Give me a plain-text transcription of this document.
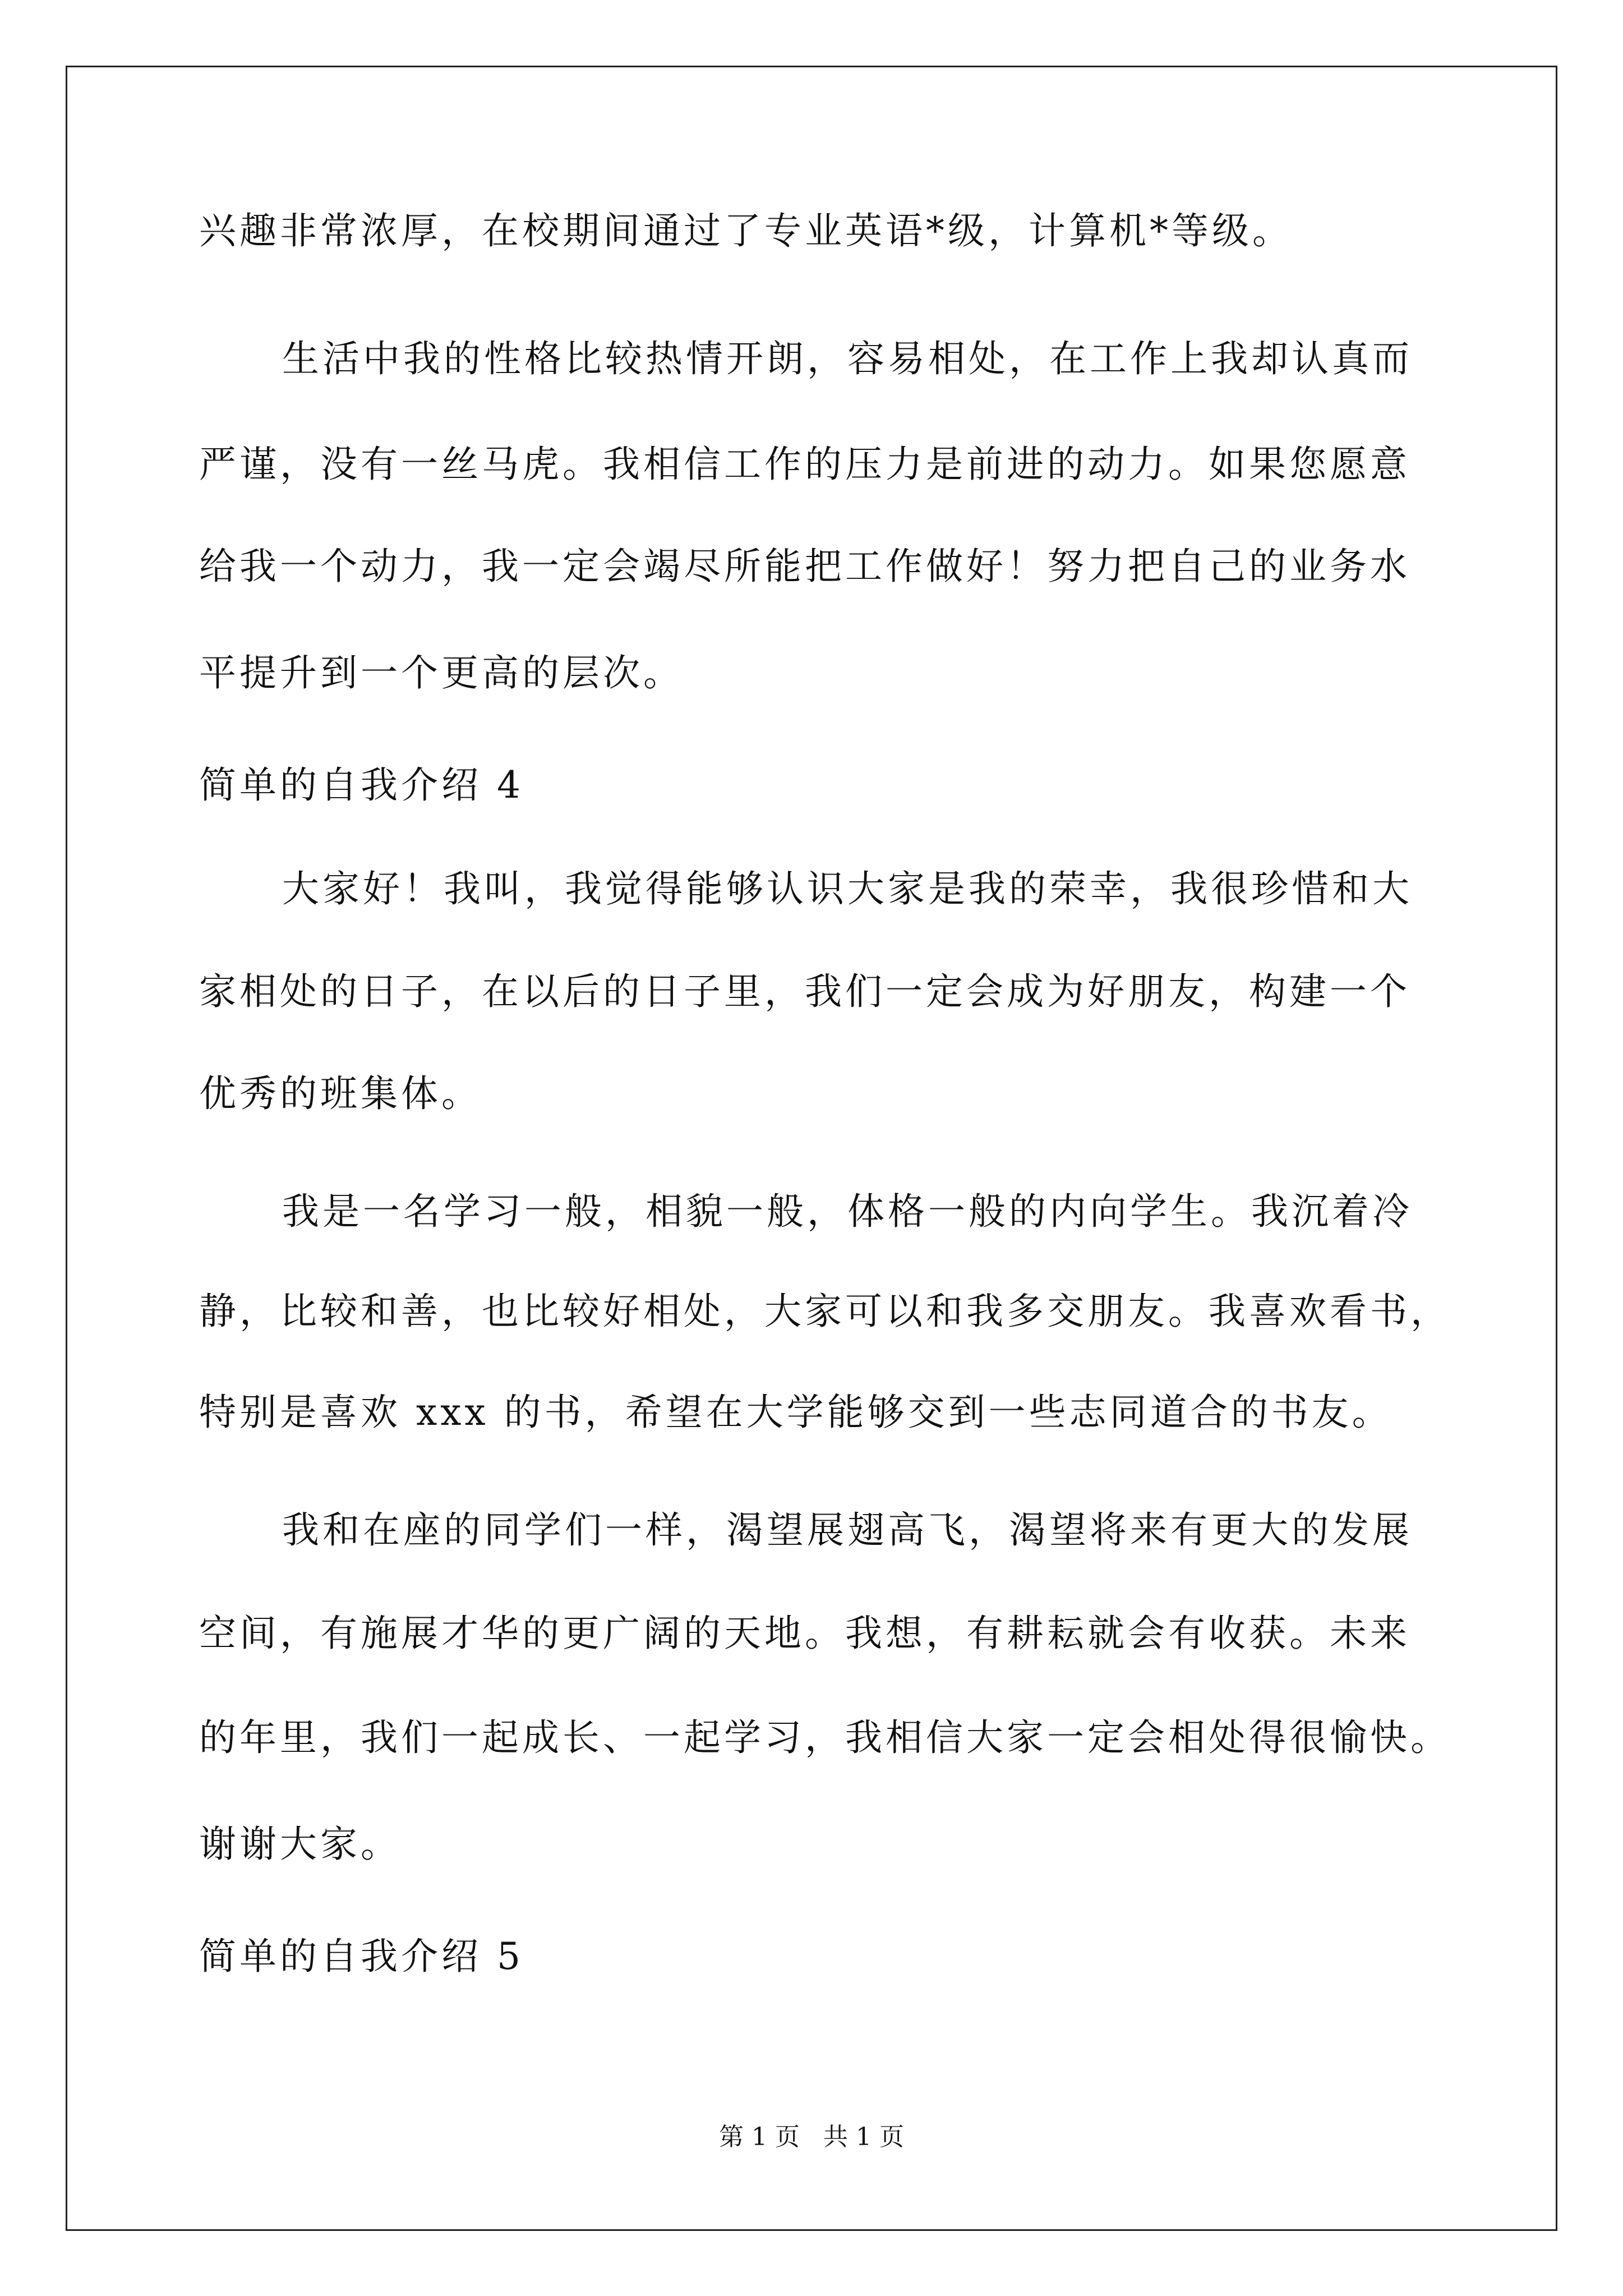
兴趣非常浓厚，在校期间通过了专业英语*级，计算机*等级。
生活中我的性格比较热情开朗，容易相处，在工作上我却认真而
严谨，没有一丝马虎。我相信工作的压力是前进的动力。如果您愿意
给我一个动力，我一定会竭尽所能把工作做好！努力把自己的业务水
平提升到一个更高的层次。
简单的自我介绍 4
大家好！我叫，我觉得能够认识大家是我的荣幸，我很珍惜和大
家相处的日子，在以后的日子里，我们一定会成为好朋友，构建一个
优秀的班集体。
我是一名学习一般，相貌一般，体格一般的内向学生。我沉着冷
静，比较和善，也比较好相处，大家可以和我多交朋友。我喜欢看书，
特别是喜欢 xxx 的书，希望在大学能够交到一些志同道合的书友。
我和在座的同学们一样，渴望展翅高飞，渴望将来有更大的发展
空间，有施展才华的更广阔的天地。我想，有耕耘就会有收获。未来
的年里，我们一起成长、一起学习，我相信大家一定会相处得很愉快。
谢谢大家。
简单的自我介绍 5
第 1 页   共 1 页
